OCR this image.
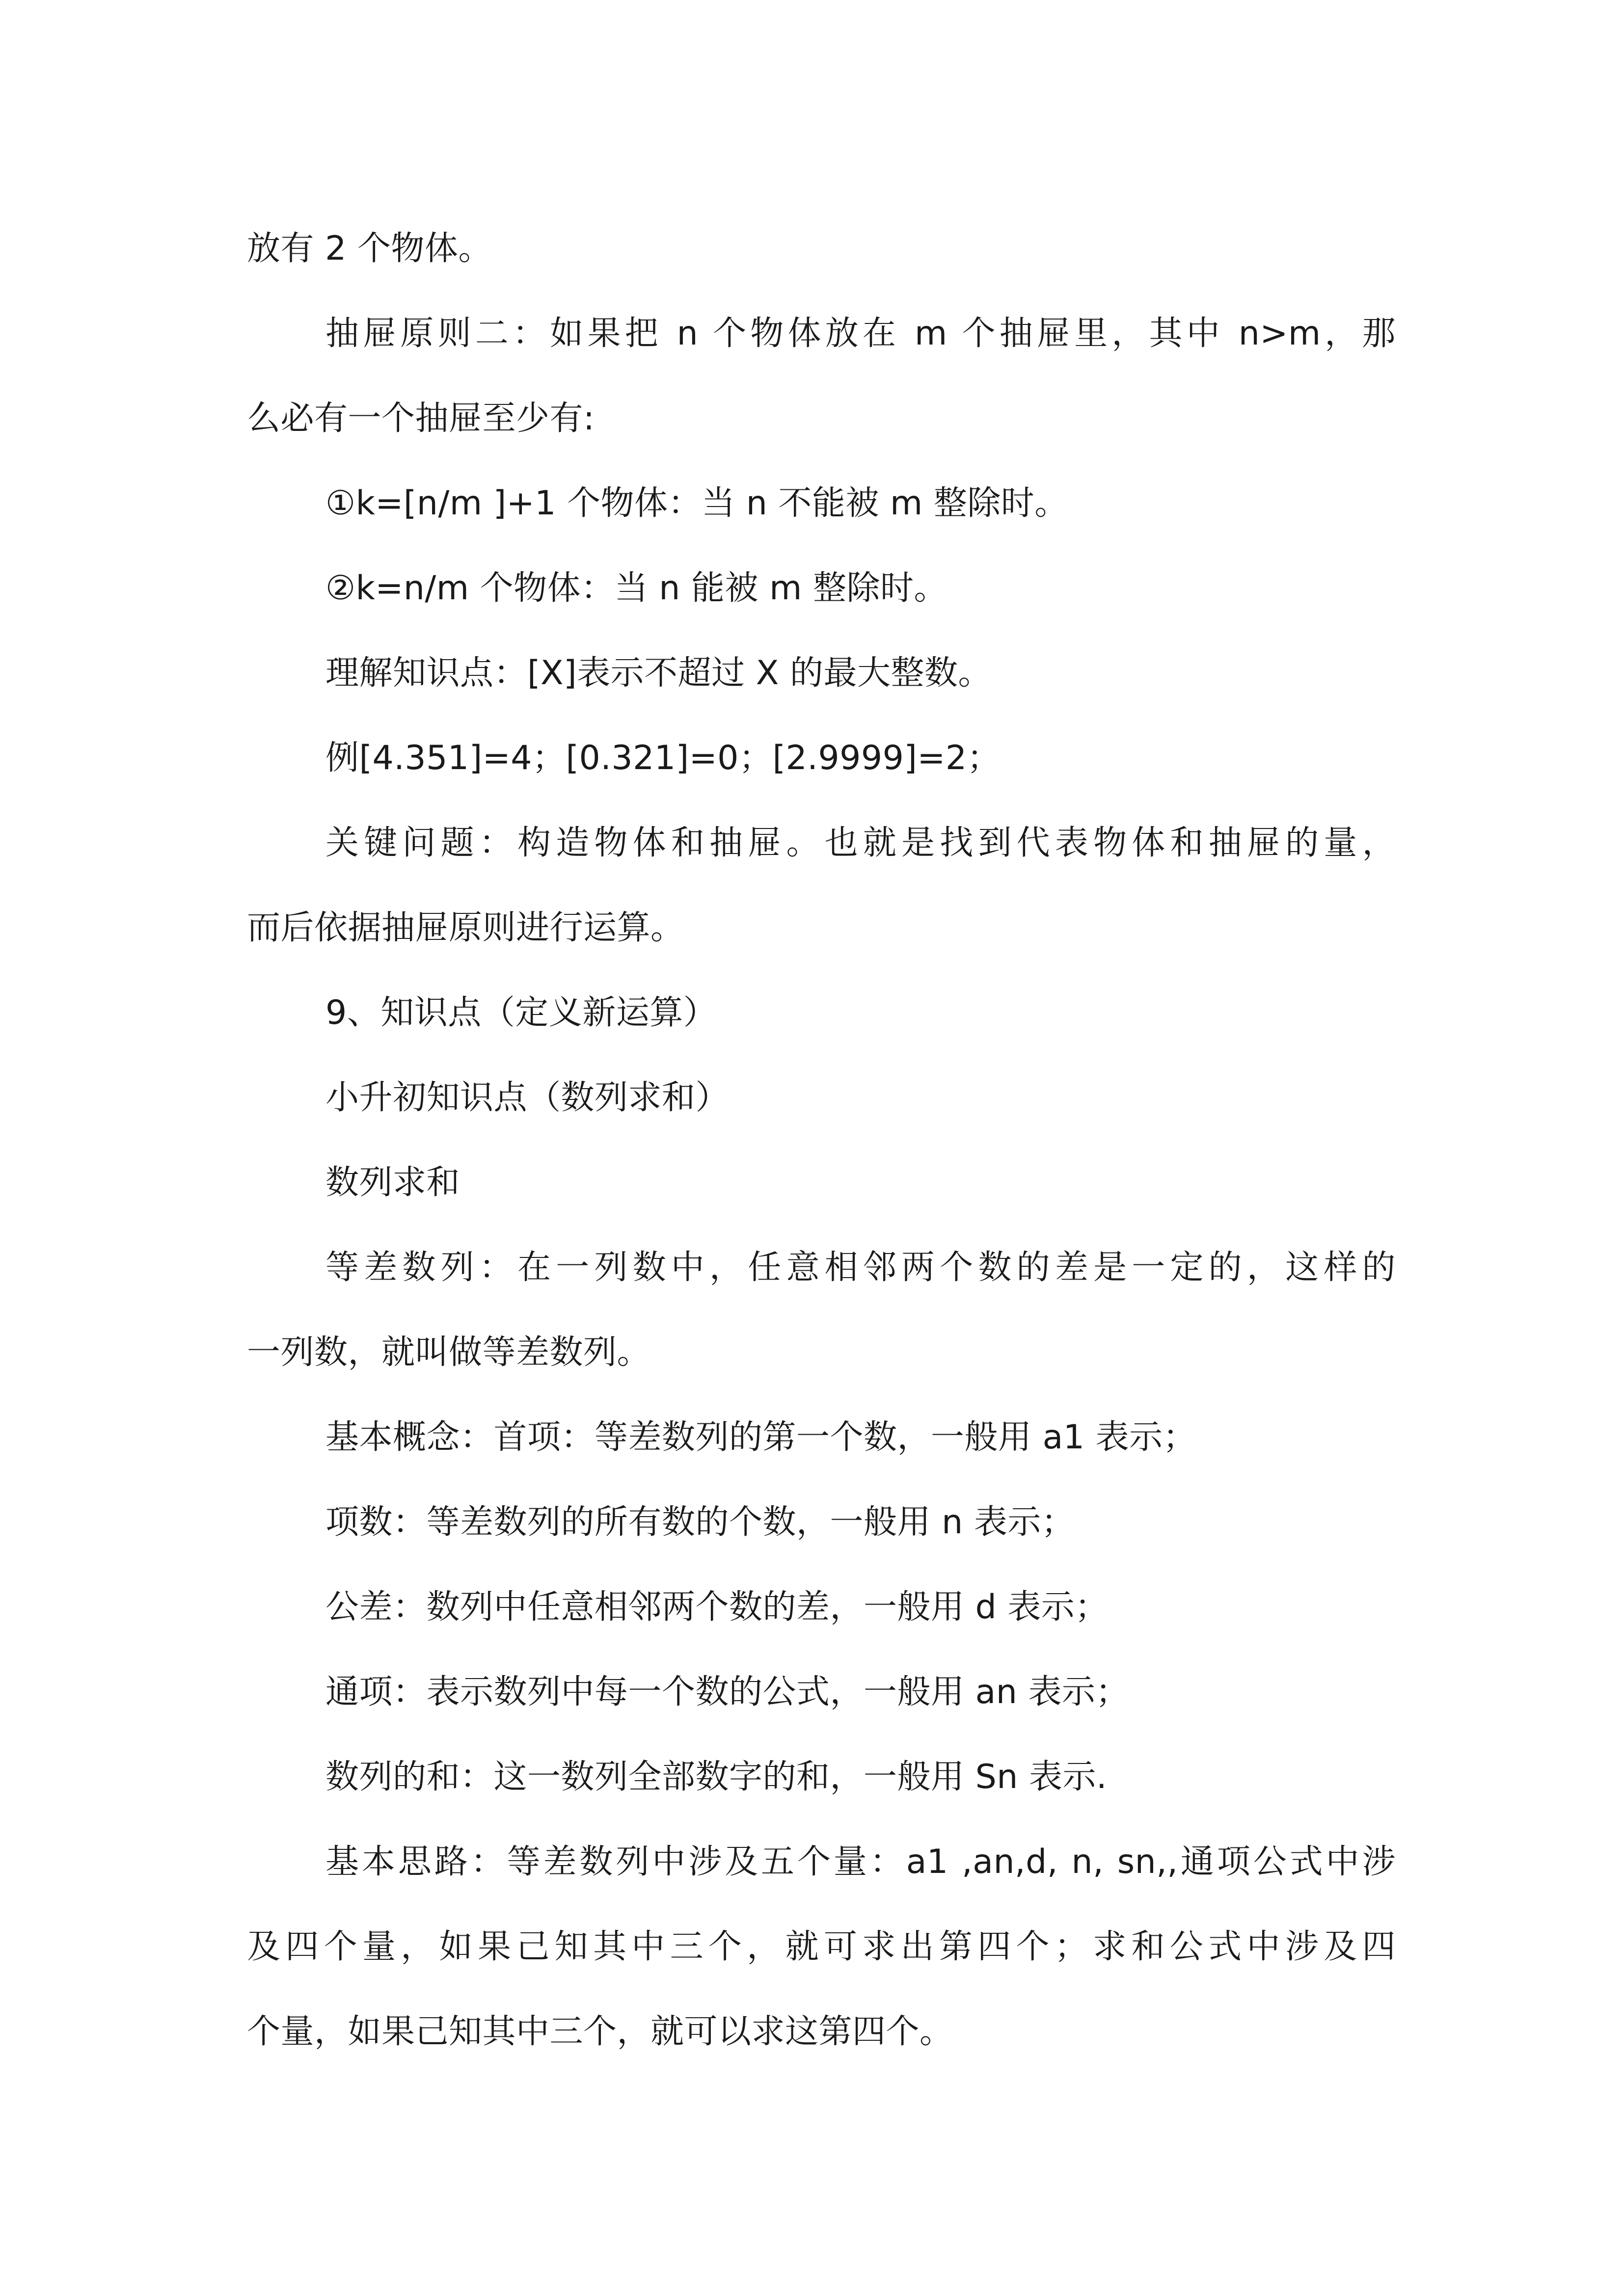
放有 2 个物体。

抽屉原则二：如果把 n 个物体放在 m 个抽屉里，其中 n>m，那

么必有一个抽屉至少有:

①k=[n/m ]+1 个物体：当 n 不能被 m 整除时。

②k=n/m 个物体：当 n 能被 m 整除时。

理解知识点：[X]表示不超过 X 的最大整数。

例[4.351]=4；[0.321]=0；[2.9999]=2；

关键问题：构造物体和抽屉。也就是找到代表物体和抽屉的量，

而后依据抽屉原则进行运算。

9、知识点（定义新运算）

小升初知识点（数列求和）

数列求和

等差数列：在一列数中，任意相邻两个数的差是一定的，这样的

一列数，就叫做等差数列。

基本概念：首项：等差数列的第一个数，一般用 a1 表示；

项数：等差数列的所有数的个数，一般用 n 表示；

公差：数列中任意相邻两个数的差，一般用 d 表示；

通项：表示数列中每一个数的公式，一般用 an 表示；

数列的和：这一数列全部数字的和，一般用 Sn 表示.

基本思路：等差数列中涉及五个量：a1 ,an,d, n, sn,,通项公式中涉

及四个量，如果己知其中三个，就可求出第四个；求和公式中涉及四

个量，如果己知其中三个，就可以求这第四个。
